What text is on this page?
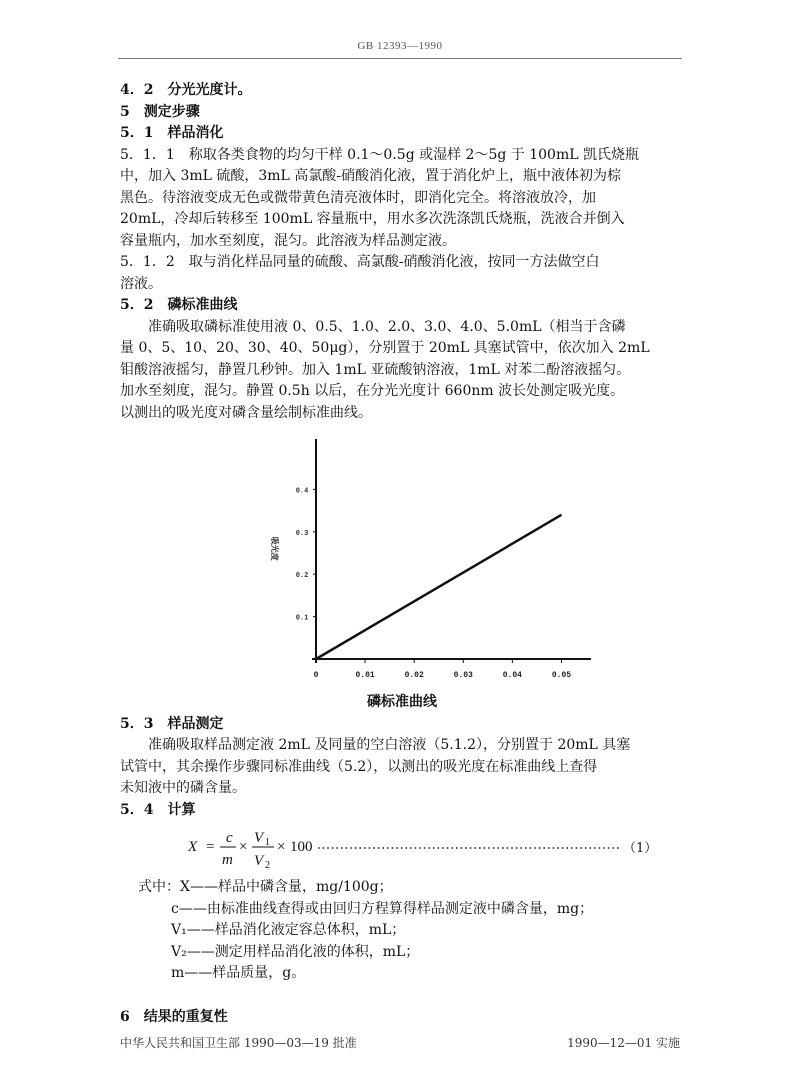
GB 12393—1990
4．2　分光光度计。
5　测定步骤
5．1　样品消化
5．1．1　称取各类食物的均匀干样 0.1～0.5g 或湿样 2～5g 于 100mL 凯氏烧瓶
中，加入 3mL 硫酸，3mL 高氯酸-硝酸消化液，置于消化炉上，瓶中液体初为棕
黑色。待溶液变成无色或微带黄色清亮液体时，即消化完全。将溶液放冷，加
20mL，冷却后转移至 100mL 容量瓶中，用水多次洗涤凯氏烧瓶，洗液合并倒入
容量瓶内，加水至刻度，混匀。此溶液为样品测定液。
5．1．2　取与消化样品同量的硫酸、高氯酸-硝酸消化液，按同一方法做空白
溶液。
5．2　磷标准曲线
准确吸取磷标准使用液 0、0.5、1.0、2.0、3.0、4.0、5.0mL（相当于含磷
量 0、5、10、20、30、40、50μg），分别置于 20mL 具塞试管中，依次加入 2mL
钼酸溶液摇匀，静置几秒钟。加入 1mL 亚硫酸钠溶液，1mL 对苯二酚溶液摇匀。
加水至刻度，混匀。静置 0.5h 以后，在分光光度计 660nm 波长处测定吸光度。
以测出的吸光度对磷含量绘制标准曲线。
0	0.01	0.02	0.03	0.04	0.05
0.1
0.2
0.3
0.4
吸光度
磷标准曲线
5．3　样品测定
准确吸取样品测定液 2mL 及同量的空白溶液（5.1.2），分别置于 20mL 具塞
试管中，其余操作步骤同标准曲线（5.2），以测出的吸光度在标准曲线上查得
未知液中的磷含量。
5．4　计算
X =
c
m
×
V
V
1
2
× 100	（1）
式中：X——样品中磷含量，mg/100g；
c——由标准曲线查得或由回归方程算得样品测定液中磷含量，mg；
V₁——样品消化液定容总体积，mL；
V₂——测定用样品消化液的体积，mL；
m——样品质量，g。
6　结果的重复性
中华人民共和国卫生部 1990—03—19 批准	1990—12—01 实施
